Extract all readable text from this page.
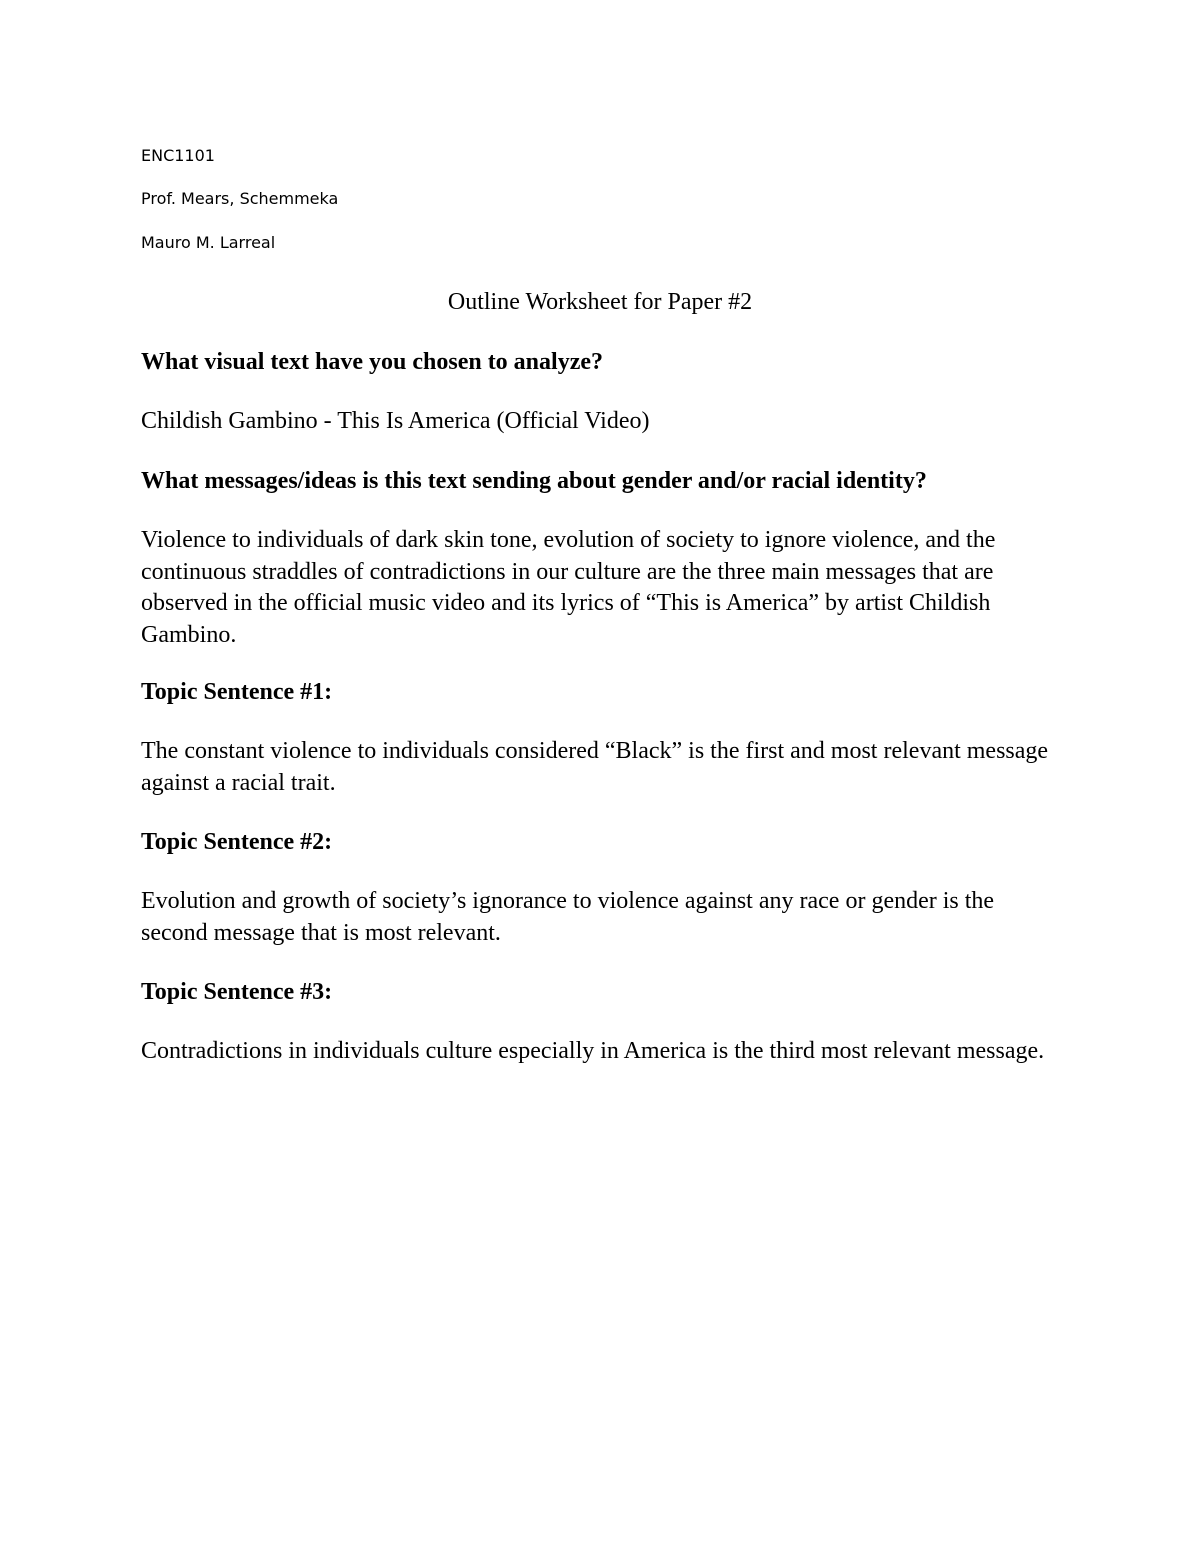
ENC1101
Prof. Mears, Schemmeka
Mauro M. Larreal
Outline Worksheet for Paper #2
What visual text have you chosen to analyze?
Childish Gambino - This Is America (Official Video)
What messages/ideas is this text sending about gender and/or racial identity?
Violence to individuals of dark skin tone, evolution of society to ignore violence, and the continuous straddles of contradictions in our culture are the three main messages that are observed in the official music video and its lyrics of “This is America” by artist Childish Gambino.
Topic Sentence #1:
The constant violence to individuals considered “Black” is the first and most relevant message against a racial trait.
Topic Sentence #2:
Evolution and growth of society’s ignorance to violence against any race or gender is the second message that is most relevant.
Topic Sentence #3:
Contradictions in individuals culture especially in America is the third most relevant message.
